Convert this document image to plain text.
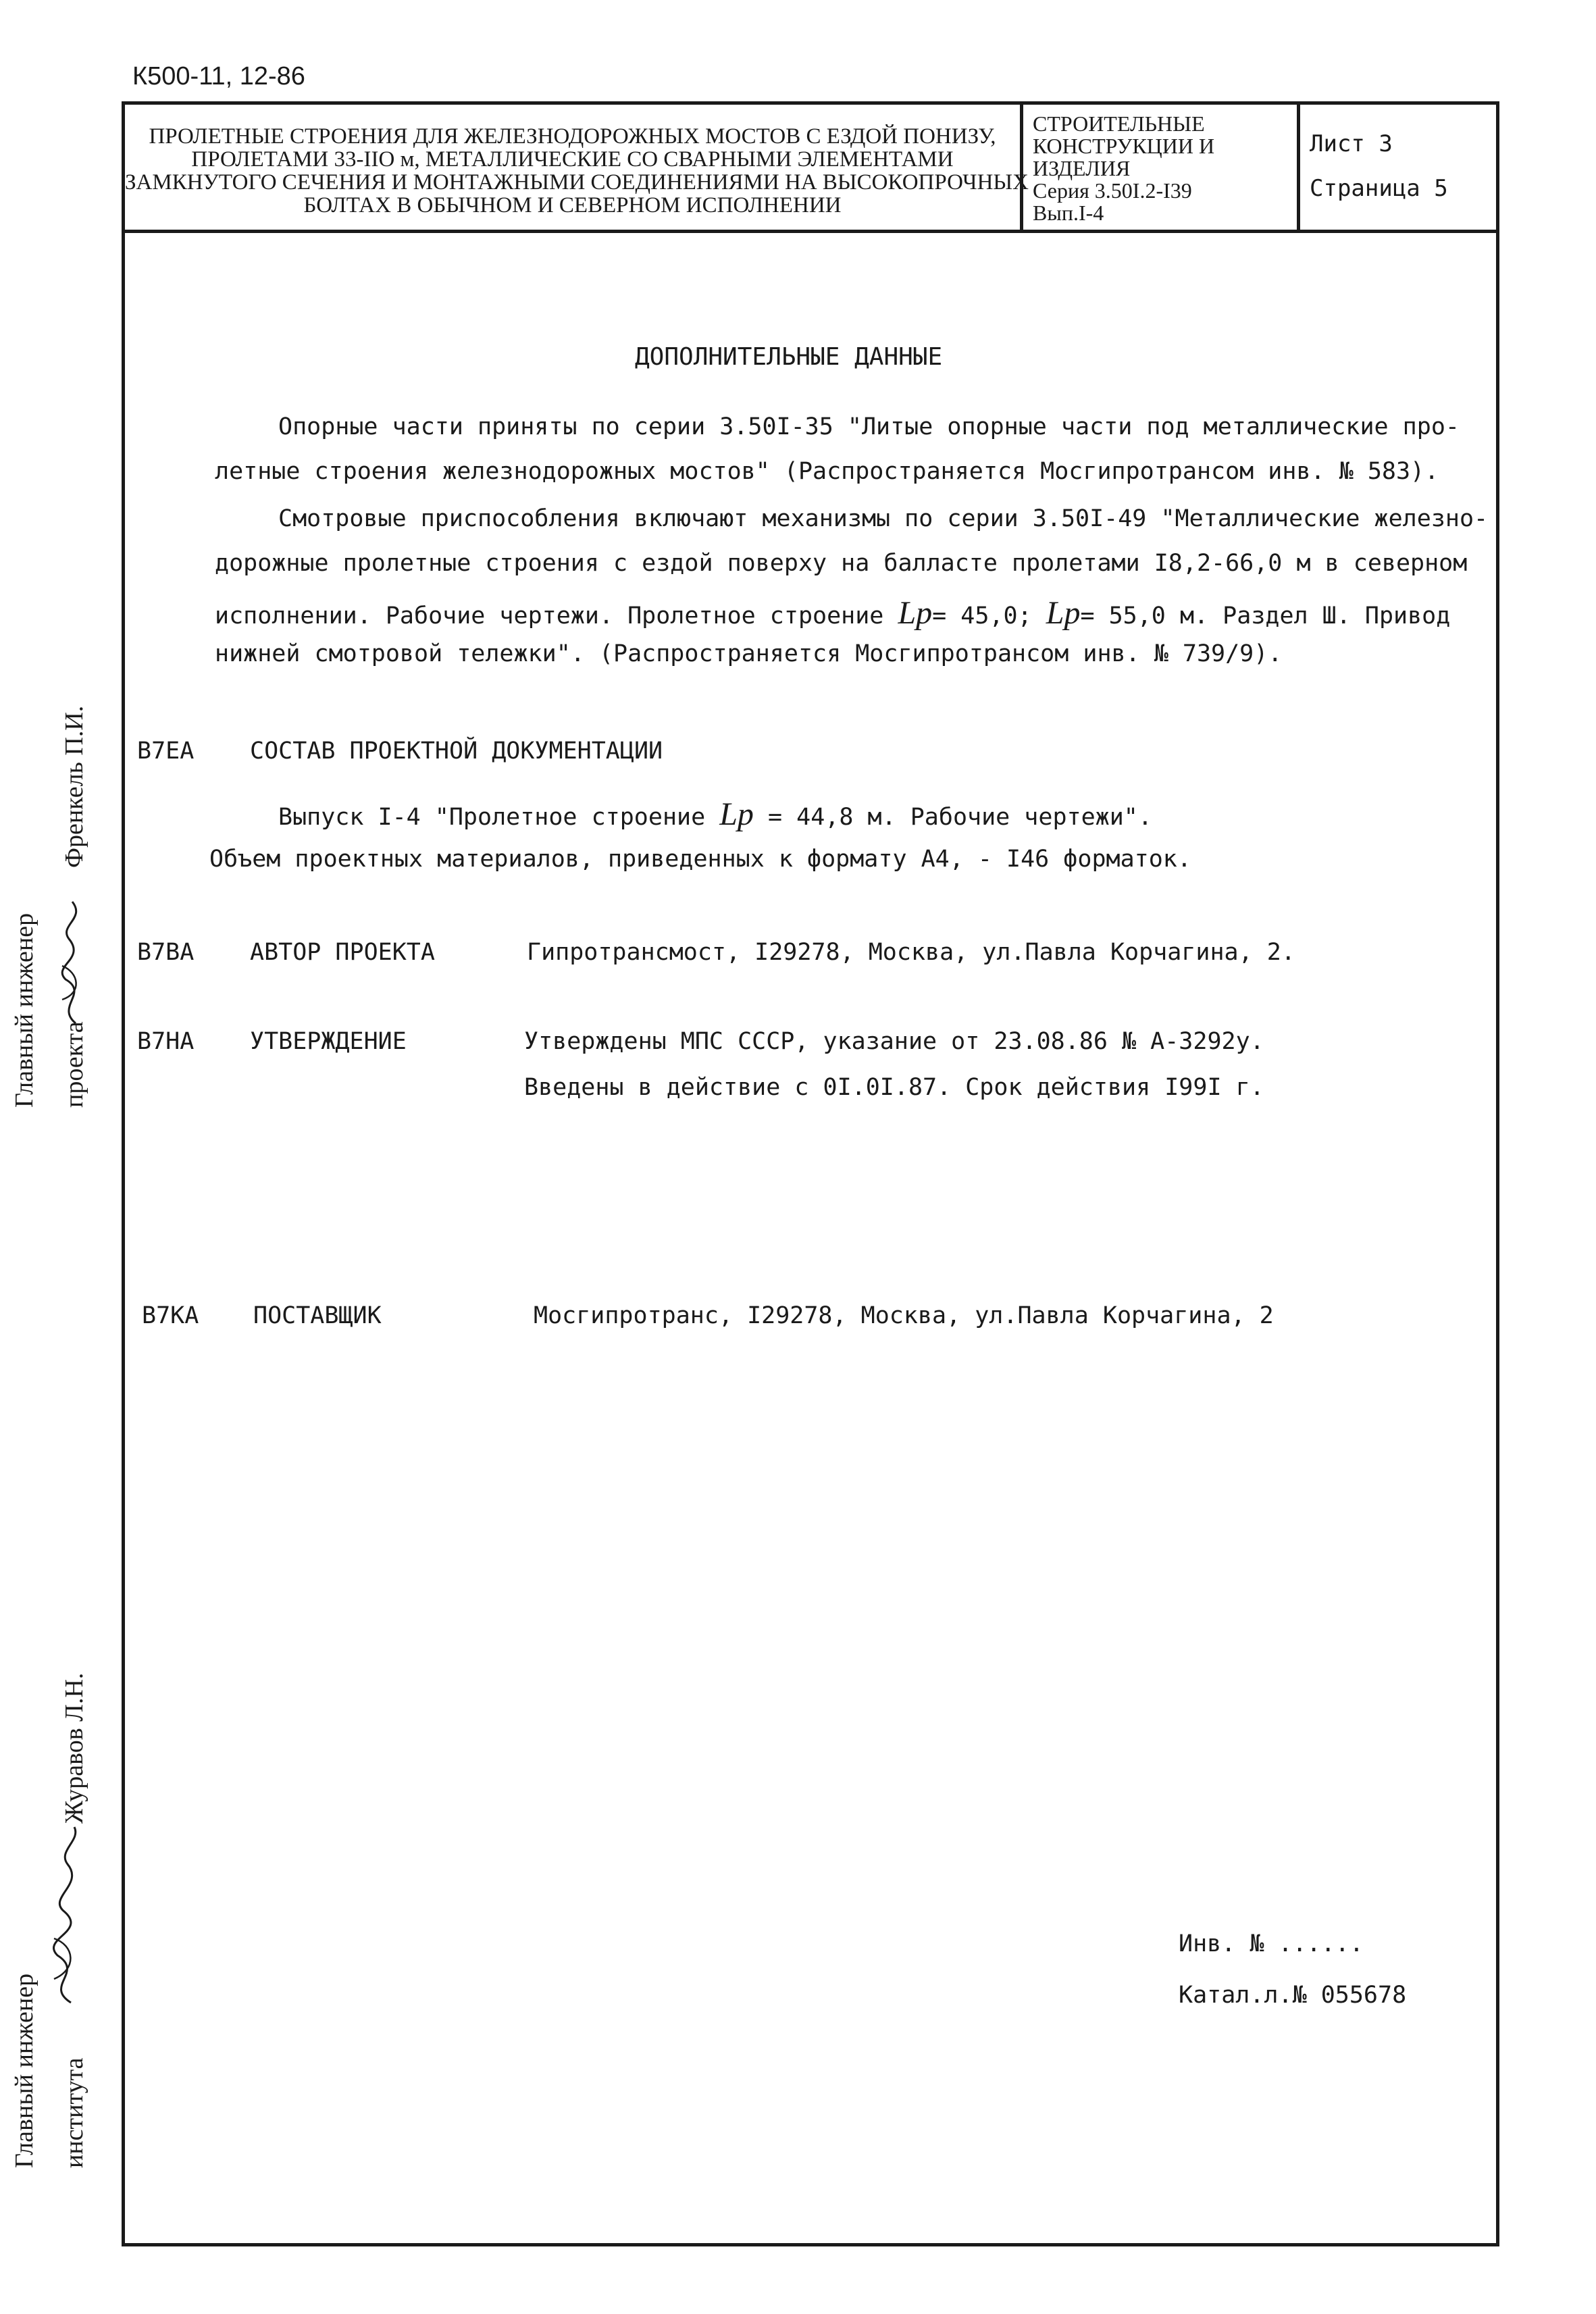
К500-11, 12-86
ПРОЛЕТНЫЕ СТРОЕНИЯ ДЛЯ ЖЕЛЕЗНОДОРОЖНЫХ МОСТОВ С ЕЗДОЙ ПОНИЗУ,
ПРОЛЕТАМИ 33-IIO м, МЕТАЛЛИЧЕСКИЕ СО СВАРНЫМИ ЭЛЕМЕНТАМИ
ЗАМКНУТОГО СЕЧЕНИЯ И МОНТАЖНЫМИ СОЕДИНЕНИЯМИ НА ВЫСОКОПРОЧНЫХ
БОЛТАХ В ОБЫЧНОМ И СЕВЕРНОМ ИСПОЛНЕНИИ
СТРОИТЕЛЬНЫЕ
КОНСТРУКЦИИ И
ИЗДЕЛИЯ
Серия 3.50I.2-I39
Вып.I-4
Лист 3
Страница 5
ДОПОЛНИТЕЛЬНЫЕ ДАННЫЕ
Опорные части приняты по серии 3.50I-35 "Литые опорные части под металлические про-
летные строения железнодорожных мостов" (Распространяется Мосгипротрансом инв. № 583).
Смотровые приспособления включают механизмы по серии 3.50I-49 "Металлические железно-
дорожные пролетные строения с ездой поверху на балласте пролетами I8,2-66,0 м в северном
исполнении. Рабочие чертежи. Пролетное строение Lp= 45,0; Lp= 55,0 м. Раздел Ш. Привод
нижней смотровой тележки". (Распространяется Мосгипротрансом инв. № 739/9).
B7EA СОСТАВ ПРОЕКТНОЙ ДОКУМЕНТАЦИИ
Выпуск I-4 "Пролетное строение Lp = 44,8 м. Рабочие чертежи".
Объем проектных материалов, приведенных к формату А4, - I46 форматок.
B7BA АВТОР ПРОЕКТА	Гипротрансмост, I29278, Москва, ул.Павла Корчагина, 2.
B7HA УТВЕРЖДЕНИЕ	Утверждены МПС СССР, указание от 23.08.86 № А-3292у.
Введены в действие с 0I.0I.87. Срок действия I99I г.
B7KA ПОСТАВЩИК	Мосгипротранс, I29278, Москва, ул.Павла Корчагина, 2
Инв. № ......
Катал.л.№ 055678
Главный инженер проекта
Френкель П.И.
Главный инженер института
Журавов Л.Н.
